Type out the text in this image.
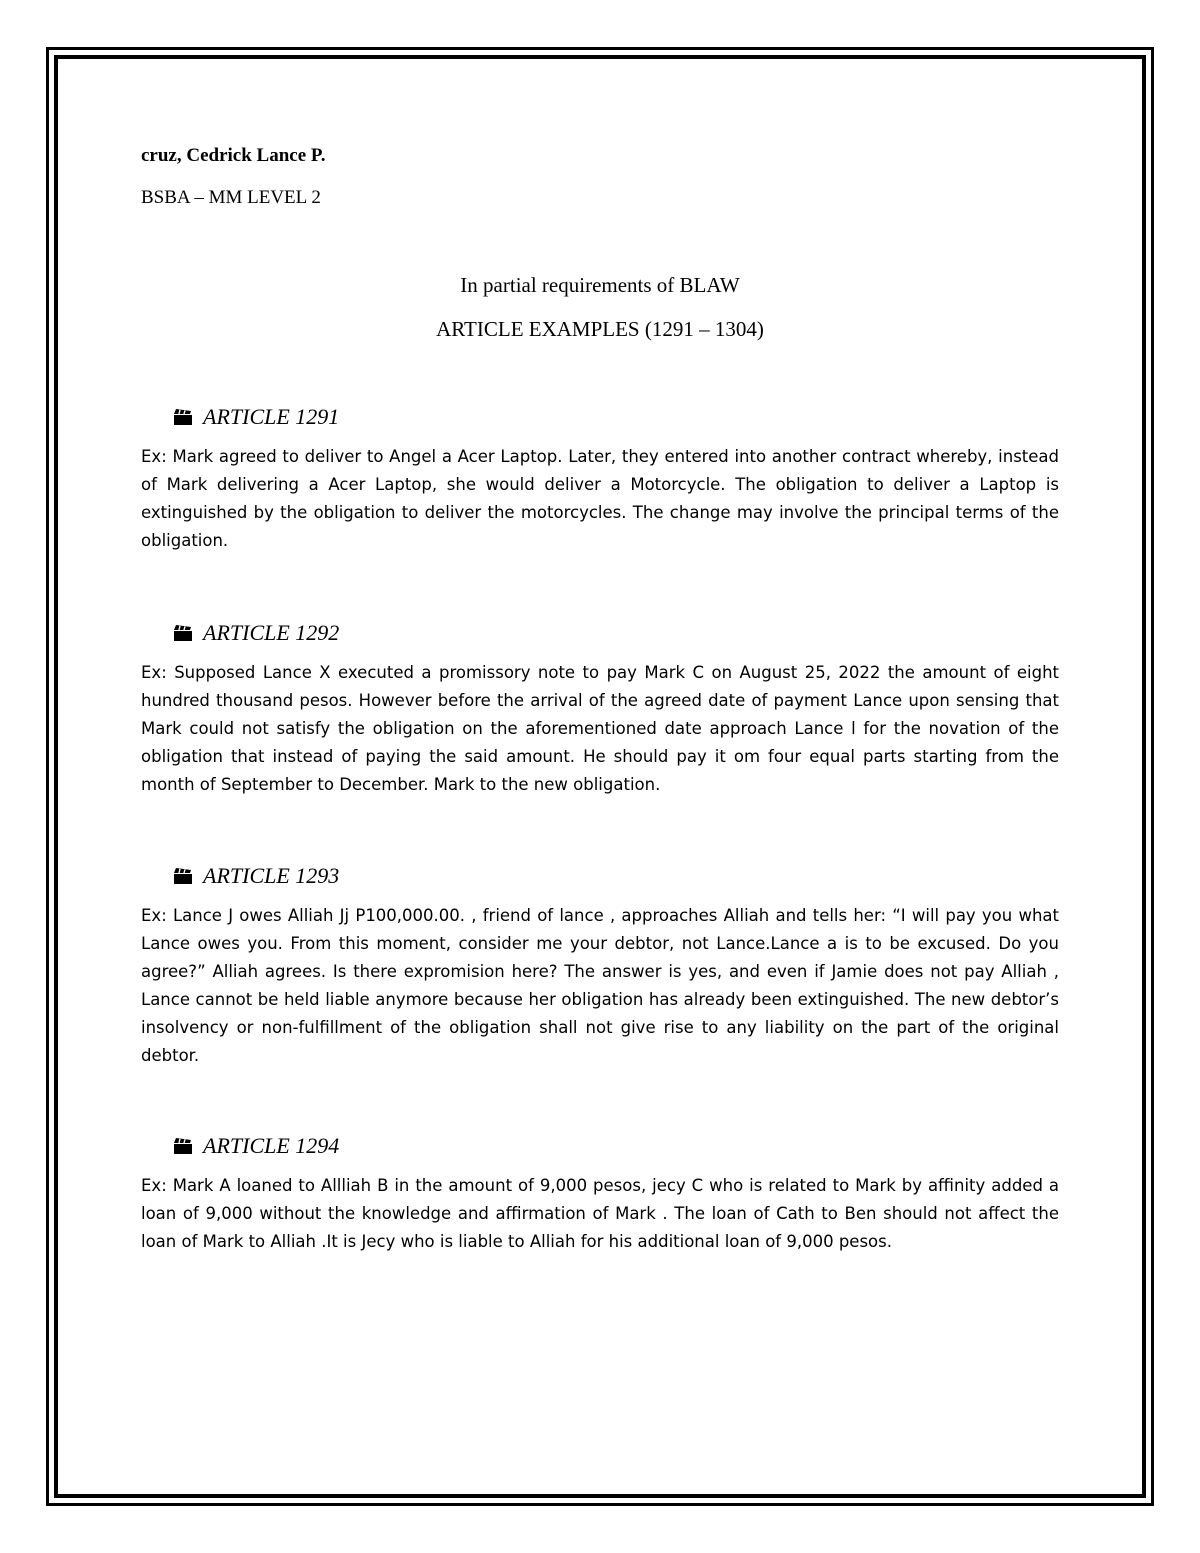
cruz, Cedrick Lance P.

BSBA – MM LEVEL 2

In partial requirements of BLAW
ARTICLE EXAMPLES (1291 – 1304)
ARTICLE 1291

Ex: Mark agreed to deliver to Angel a Acer Laptop. Later, they entered into another contract whereby, instead of Mark delivering a Acer Laptop, she would deliver a Motorcycle. The obligation to deliver a Laptop is extinguished by the obligation to deliver the motorcycles. The change may involve the principal terms of the obligation.

ARTICLE 1292

Ex: Supposed Lance X executed a promissory note to pay Mark C on August 25, 2022 the amount of eight hundred thousand pesos. However before the arrival of the agreed date of payment Lance upon sensing that Mark could not satisfy the obligation on the aforementioned date approach Lance l for the novation of the obligation that instead of paying the said amount. He should pay it om four equal parts starting from the month of September to December. Mark to the new obligation.

ARTICLE 1293

Ex: Lance J owes Alliah Jj P100,000.00. , friend of lance , approaches Alliah and tells her: “I will pay you what Lance owes you. From this moment, consider me your debtor, not Lance.Lance a is to be excused. Do you agree?” Alliah agrees. Is there expromision here? The answer is yes, and even if Jamie does not pay Alliah , Lance cannot be held liable anymore because her obligation has already been extinguished. The new debtor’s insolvency or non-fulfillment of the obligation shall not give rise to any liability on the part of the original debtor.

ARTICLE 1294

Ex: Mark A loaned to Allliah B in the amount of 9,000 pesos, jecy C who is related to Mark by affinity added a loan of 9,000 without the knowledge and affirmation of Mark . The loan of Cath to Ben should not affect the loan of Mark to Alliah .It is Jecy who is liable to Alliah for his additional loan of 9,000 pesos.
